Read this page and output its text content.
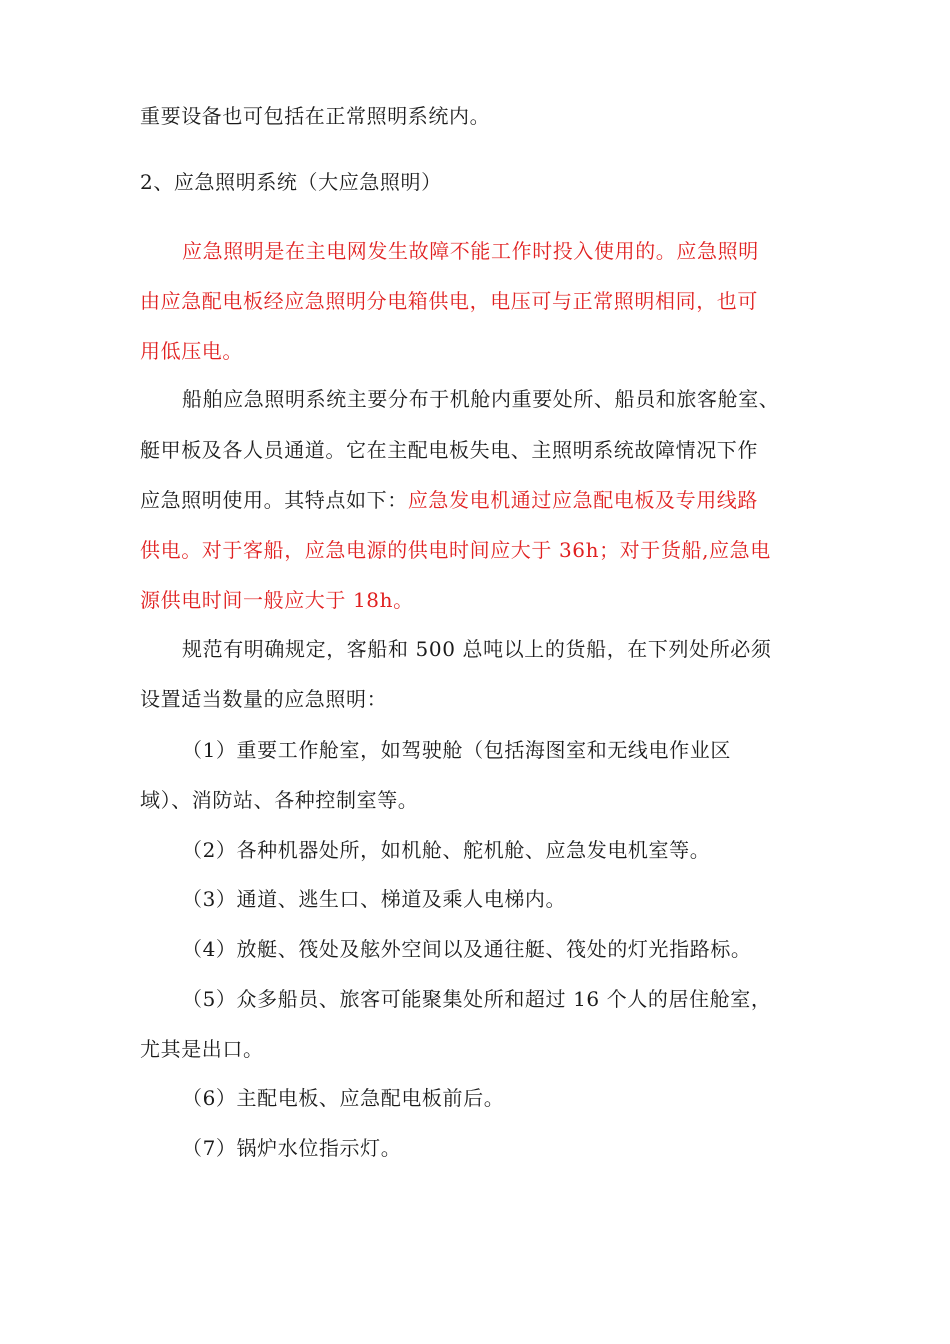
重要设备也可包括在正常照明系统内。
2、应急照明系统（大应急照明）
应急照明是在主电网发生故障不能工作时投入使用的。应急照明
由应急配电板经应急照明分电箱供电，电压可与正常照明相同，也可
用低压电。
船舶应急照明系统主要分布于机舱内重要处所、船员和旅客舱室、
艇甲板及各人员通道。它在主配电板失电、主照明系统故障情况下作
应急照明使用。其特点如下：应急发电机通过应急配电板及专用线路
供电。对于客船，应急电源的供电时间应大于 36h；对于货船,应急电
源供电时间一般应大于 18h。
规范有明确规定，客船和 500 总吨以上的货船，在下列处所必须
设置适当数量的应急照明：
（1）重要工作舱室，如驾驶舱（包括海图室和无线电作业区
域）、消防站、各种控制室等。
（2）各种机器处所，如机舱、舵机舱、应急发电机室等。
（3）通道、逃生口、梯道及乘人电梯内。
（4）放艇、筏处及舷外空间以及通往艇、筏处的灯光指路标。
（5）众多船员、旅客可能聚集处所和超过 16 个人的居住舱室，
尤其是出口。
（6）主配电板、应急配电板前后。
（7）锅炉水位指示灯。
